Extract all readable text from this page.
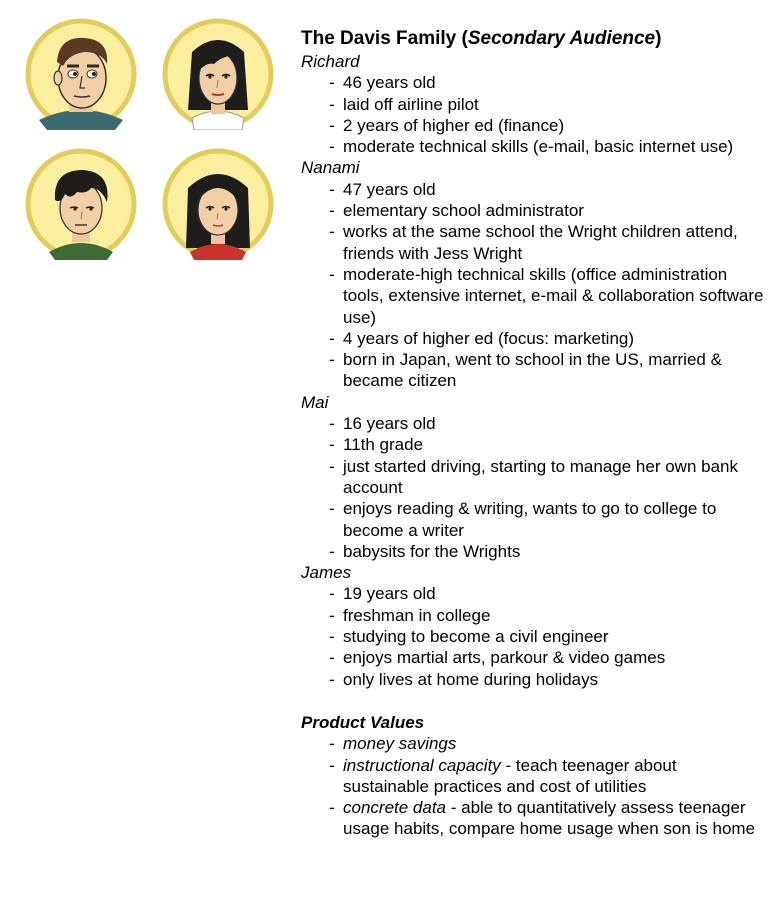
The Davis Family (Secondary Audience)
Richard
- 46 years old
- laid off airline pilot
- 2 years of higher ed (finance)
- moderate technical skills (e-mail, basic internet use)
Nanami
- 47 years old
- elementary school administrator
- works at the same school the Wright children attend, friends with Jess Wright
- moderate-high technical skills (office administration tools, extensive internet, e-mail & collaboration software use)
- 4 years of higher ed (focus: marketing)
- born in Japan, went to school in the US, married & became citizen
Mai
- 16 years old
- 11th grade
- just started driving, starting to manage her own bank account
- enjoys reading & writing, wants to go to college to become a writer
- babysits for the Wrights
James
- 19 years old
- freshman in college
- studying to become a civil engineer
- enjoys martial arts, parkour & video games
- only lives at home during holidays
Product Values
- money savings
- instructional capacity - teach teenager about sustainable practices and cost of utilities
- concrete data - able to quantitatively assess teenager usage habits, compare home usage when son is home
